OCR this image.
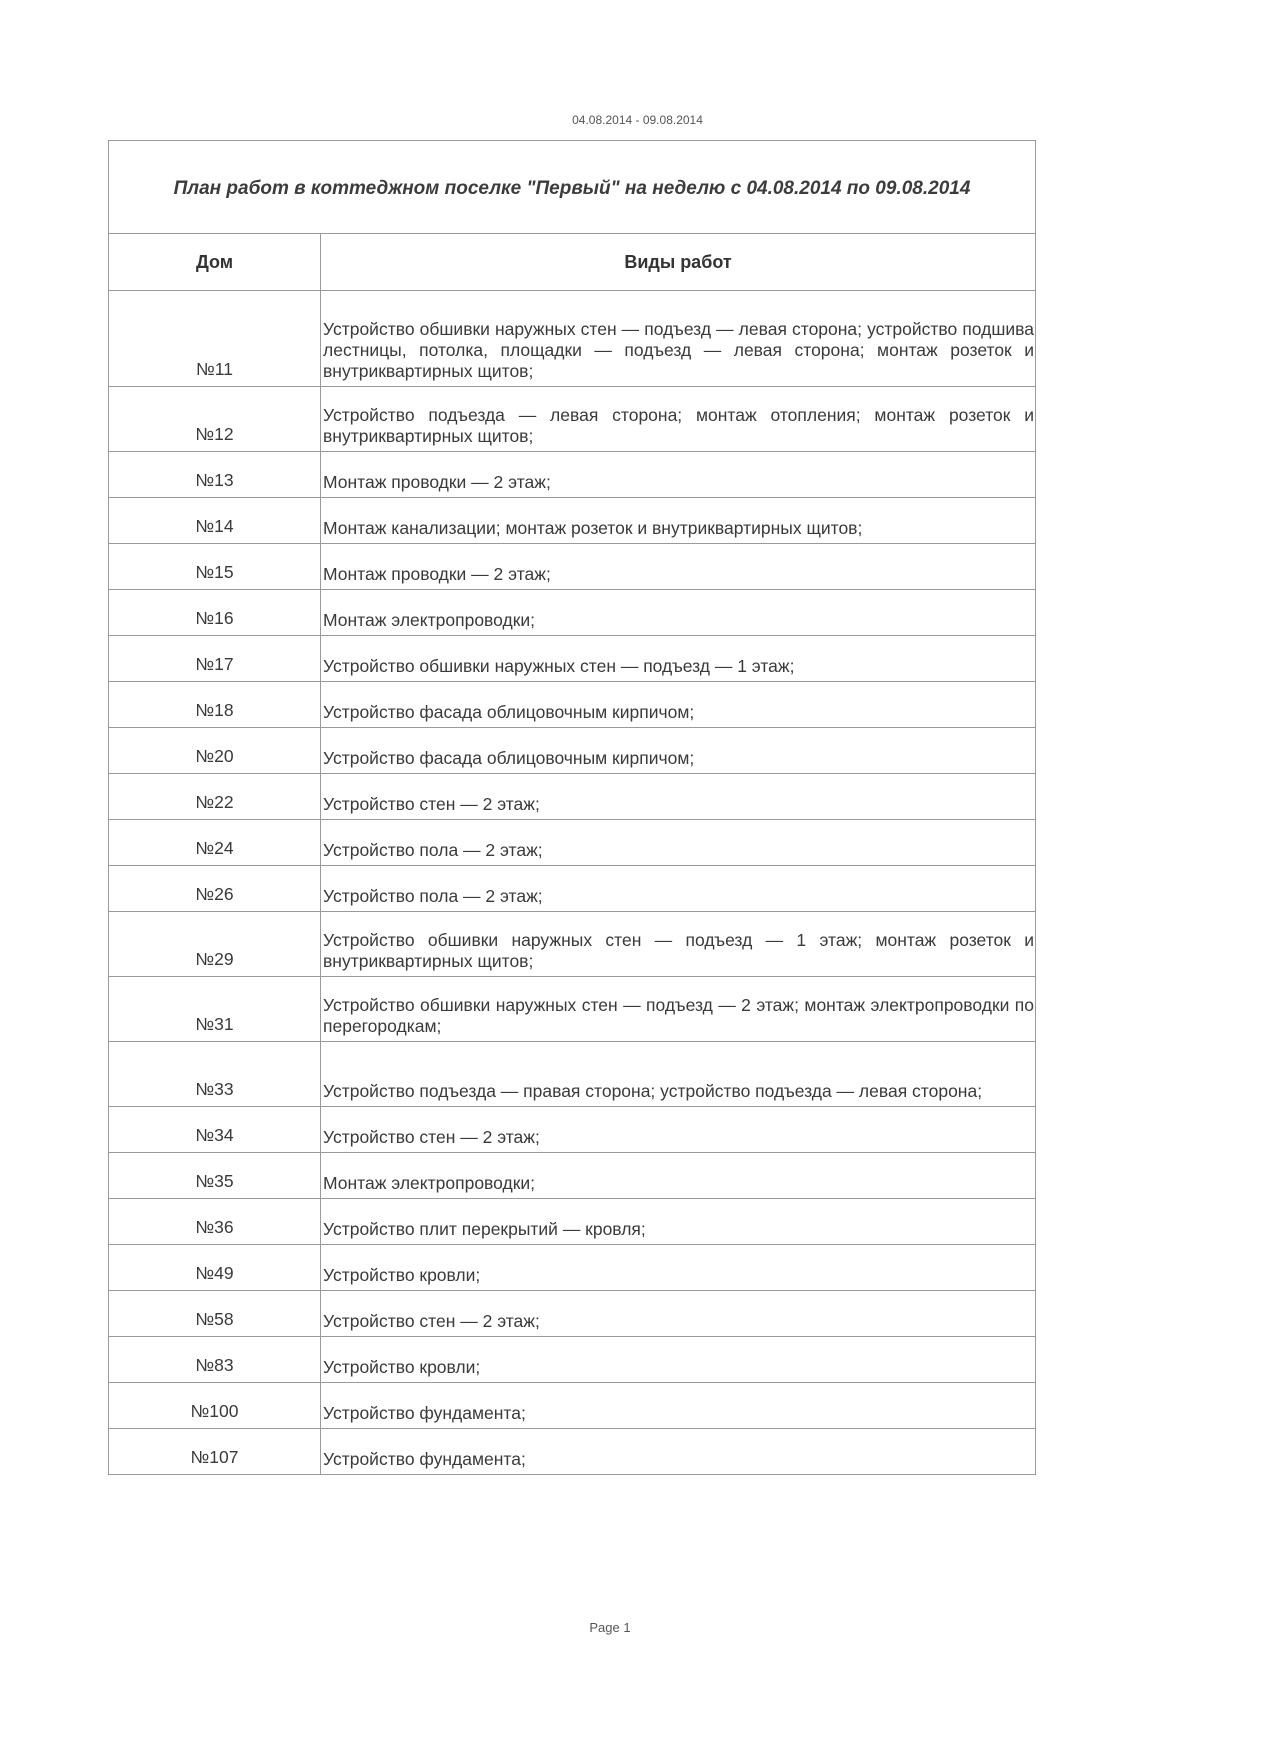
04.08.2014 - 09.08.2014
План работ в коттеджном поселке "Первый" на неделю с 04.08.2014 по 09.08.2014	
Дом	Виды работ
№11	Устройство обшивки наружных стен — подъезд — левая сторона; устройство подшива лестницы, потолка, площадки — подъезд — левая сторона; монтаж розеток и внутриквартирных щитов;
№12	Устройство подъезда — левая сторона; монтаж отопления; монтаж розеток и внутриквартирных щитов;
№13	Монтаж проводки — 2 этаж;
№14	Монтаж канализации; монтаж розеток и внутриквартирных щитов;
№15	Монтаж проводки — 2 этаж;
№16	Монтаж электропроводки;
№17	Устройство обшивки наружных стен — подъезд — 1 этаж;
№18	Устройство фасада облицовочным кирпичом;
№20	Устройство фасада облицовочным кирпичом;
№22	Устройство стен — 2 этаж;
№24	Устройство пола — 2 этаж;
№26	Устройство пола — 2 этаж;
№29	Устройство обшивки наружных стен — подъезд — 1 этаж; монтаж розеток и внутриквартирных щитов;
№31	Устройство обшивки наружных стен — подъезд — 2 этаж; монтаж электропроводки по перегородкам;
№33	Устройство подъезда — правая сторона; устройство подъезда — левая сторона;
№34	Устройство стен — 2 этаж;
№35	Монтаж электропроводки;
№36	Устройство плит перекрытий — кровля;
№49	Устройство кровли;
№58	Устройство стен — 2 этаж;
№83	Устройство кровли;
№100	Устройство фундамента;
№107	Устройство фундамента;
Page 1
